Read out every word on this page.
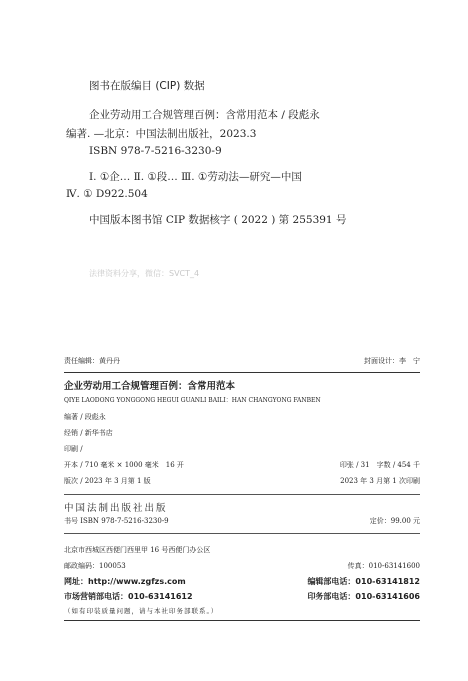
图书在版编目 (CIP) 数据
企业劳动用工合规管理百例：含常用范本 / 段彪永
编著. —北京：中国法制出版社，2023.3
ISBN 978-7-5216-3230-9
Ⅰ. ①企… Ⅱ. ①段… Ⅲ. ①劳动法—研究—中国
Ⅳ. ① D922.504
中国版本图书馆 CIP 数据核字 ( 2022 ) 第 255391 号
法律资料分享，微信：SVCT_4
责任编辑：黄丹丹	封面设计：李　宁
企业劳动用工合规管理百例：含常用范本
QIYE LAODONG YONGGONG HEGUI GUANLI BAILI：HAN CHANGYONG FANBEN
编著 / 段彪永
经销 / 新华书店
印刷 /
开本 / 710 毫米 × 1000 毫米　16 开	印张 / 31　字数 / 454 千
版次 / 2023 年 3 月第 1 版	2023 年 3 月第 1 次印刷
中国法制出版社出版
书号 ISBN 978-7-5216-3230-9	定价：99.00 元
北京市西城区西便门西里甲 16 号西便门办公区
邮政编码：100053	传真：010-63141600
网址：http://www.zgfzs.com	编辑部电话：010-63141812
市场营销部电话：010-63141612	印务部电话：010-63141606
（如有印装质量问题，请与本社印务部联系。）
